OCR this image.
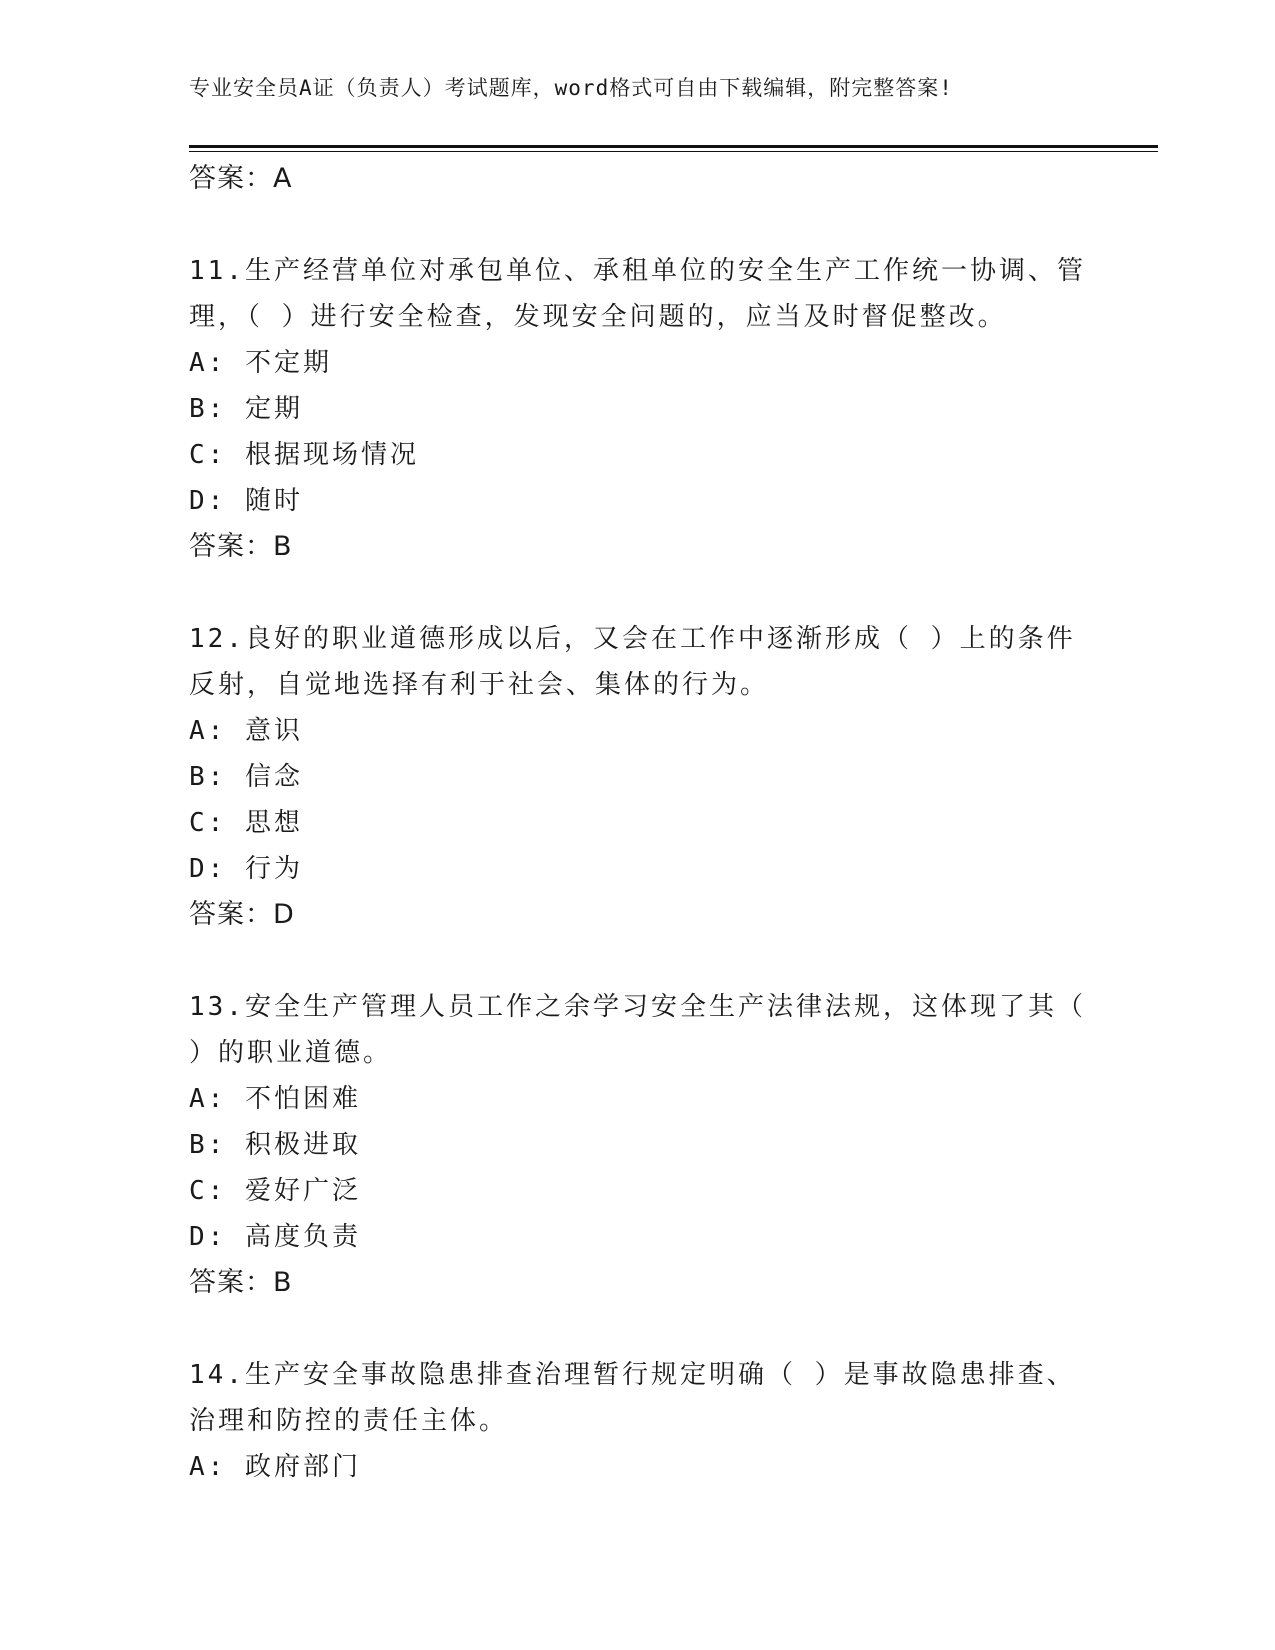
专业安全员A证（负责人）考试题库，word格式可自由下载编辑，附完整答案!
答案：A
11.生产经营单位对承包单位、承租单位的安全生产工作统一协调、管
理，（ ）进行安全检查，发现安全问题的，应当及时督促整改。
A: 不定期
B: 定期
C: 根据现场情况
D: 随时
答案：B
12.良好的职业道德形成以后，又会在工作中逐渐形成（ ）上的条件
反射，自觉地选择有利于社会、集体的行为。
A: 意识
B: 信念
C: 思想
D: 行为
答案：D
13.安全生产管理人员工作之余学习安全生产法律法规，这体现了其（
）的职业道德。
A: 不怕困难
B: 积极进取
C: 爱好广泛
D: 高度负责
答案：B
14.生产安全事故隐患排查治理暂行规定明确（ ）是事故隐患排查、
治理和防控的责任主体。
A: 政府部门
